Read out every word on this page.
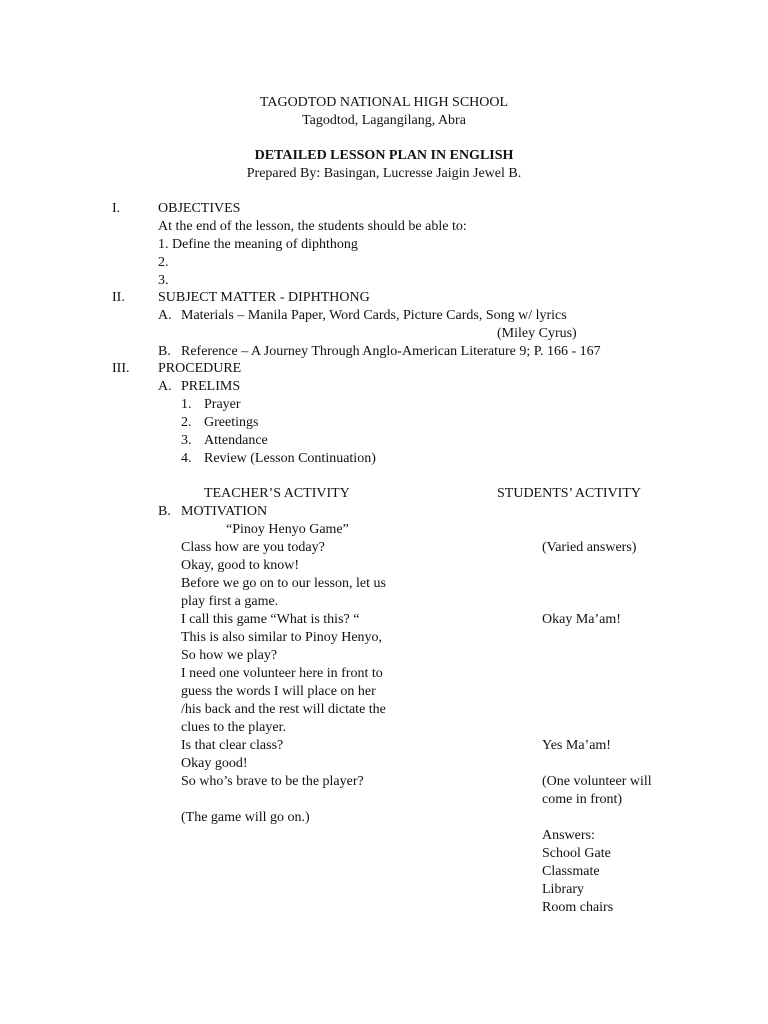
TAGODTOD NATIONAL HIGH SCHOOL
Tagodtod, Lagangilang, Abra
DETAILED LESSON PLAN IN ENGLISH
Prepared By: Basingan, Lucresse Jaigin Jewel B.
I.	OBJECTIVES
At the end of the lesson, the students should be able to:
1. Define the meaning of diphthong
2.
3.
II. SUBJECT MATTER - DIPHTHONG
A. Materials – Manila Paper, Word Cards, Picture Cards, Song w/ lyrics
(Miley Cyrus)
B. Reference – A Journey Through Anglo-American Literature 9; P. 166 - 167
III. PROCEDURE
A. PRELIMS
1. Prayer
2. Greetings
3. Attendance
4. Review (Lesson Continuation)
TEACHER’S ACTIVITY	STUDENTS’ ACTIVITY
B. MOTIVATION
“Pinoy Henyo Game”
Class how are you today?
Okay, good to know!
Before we go on to our lesson, let us
play first a game.
I call this game “What is this? “
This is also similar to Pinoy Henyo,
So how we play?
I need one volunteer here in front to
guess the words I will place on her
/his back and the rest will dictate the
clues to the player.
Is that clear class?
Okay good!
So who’s brave to be the player?
(The game will go on.)
(Varied answers)
Okay Ma’am!
Yes Ma’am!
(One volunteer will
come in front)
Answers:
School Gate
Classmate
Library
Room chairs
